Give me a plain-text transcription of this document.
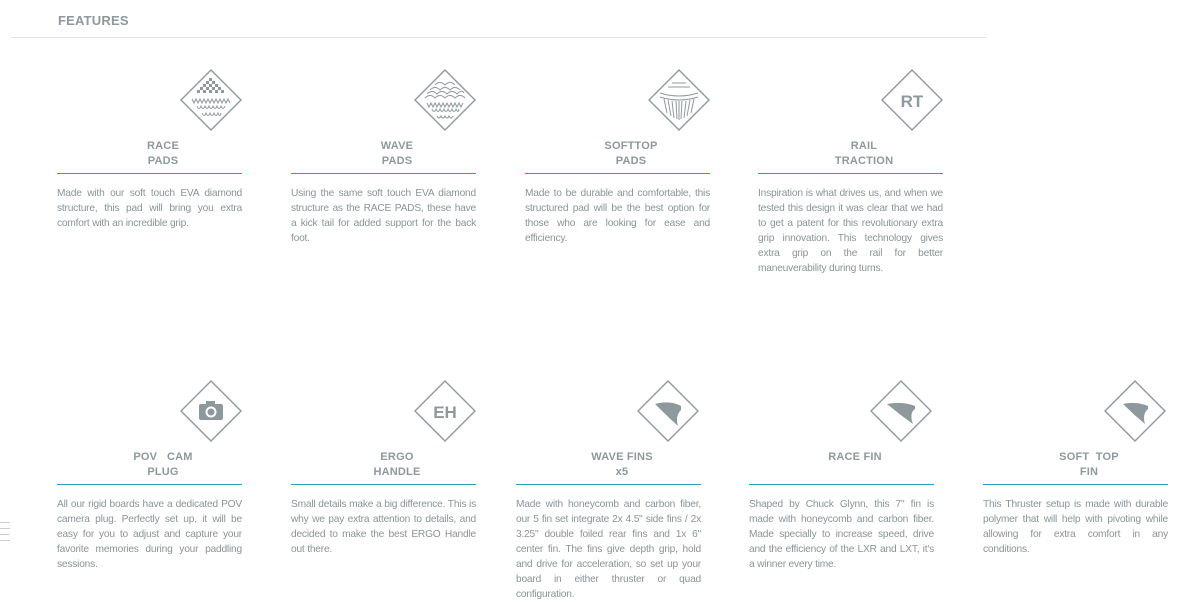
FEATURES
RACE
PADS
Made with our soft touch EVA diamond structure, this pad will bring you extra comfort with an incredible grip.
WAVE
PADS
Using the same soft touch EVA diamond structure as the RACE PADS, these have a kick tail for added support for the back foot.
SOFTTOP
PADS
Made to be durable and comfortable, this structured pad will be the best option for those who are looking for ease and efficiency.
RT
RAIL
TRACTION
Inspiration is what drives us, and when we tested this design it was clear that we had to get a patent for this revolutionary extra grip innovation. This technology gives extra grip on the rail for better maneuverability during turns.
POV   CAM
PLUG
All our rigid boards have a dedicated POV camera plug. Perfectly set up, it will be easy for you to adjust and capture your favorite memories during your paddling sessions.
EH
ERGO
HANDLE
Small details make a big difference. This is why we pay extra attention to details, and decided to make the best ERGO Handle out there.
WAVE FINS
x5
Made with honeycomb and carbon fiber, our 5 fin set integrate 2x 4.5" side fins / 2x 3.25" double foiled rear fins and 1x 6" center fin. The fins give depth grip, hold and drive for acceleration, so set up your board in either thruster or quad configuration.
RACE FIN
Shaped by Chuck Glynn, this 7" fin is made with honeycomb and carbon fiber. Made specially to increase speed, drive and the efficiency of the LXR and LXT, it's a winner every time.
SOFT  TOP
FIN
This Thruster setup is made with durable polymer that will help with pivoting while allowing for extra comfort in any conditions.
